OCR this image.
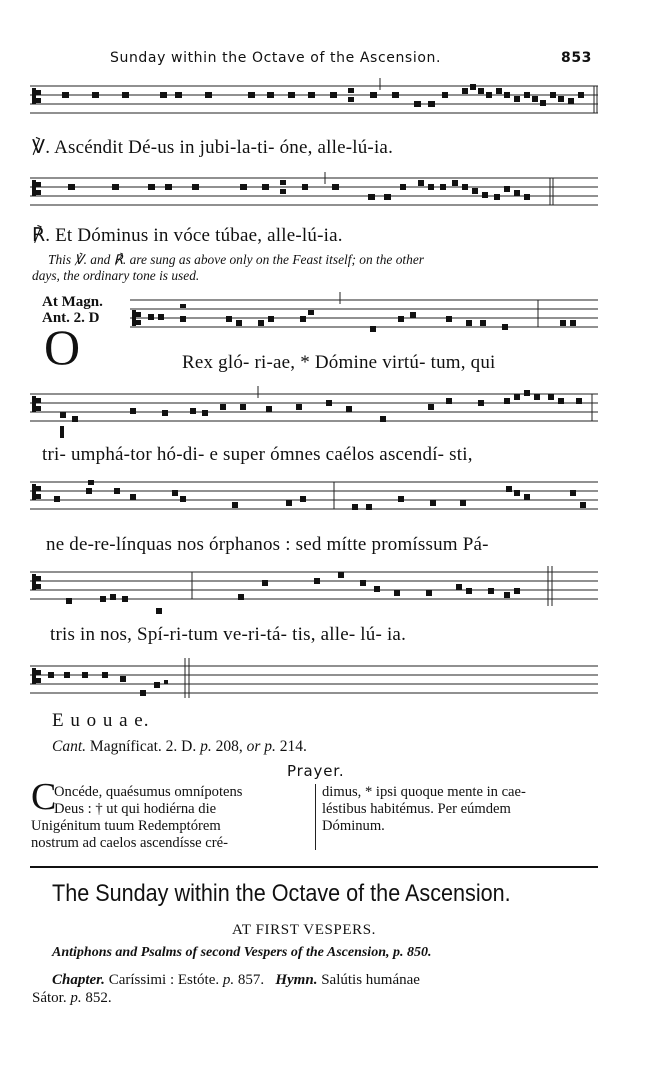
Sunday within the Octave of the Ascension.	853
℣. Ascéndit Dé-us in jubi-la-ti- óne, alle-lú-ia.
℟. Et Dóminus in vóce túbae, alle-lú-ia.
This ℣. and ℟. are sung as above only on the Feast itself; on the other
days, the ordinary tone is used.
At Magn.
Ant. 2. D
O	Rex gló- ri-ae, * Dómine virtú- tum, qui
tri- umphá-tor hó-di- e super ómnes caélos ascendí- sti,
ne de-re-línquas nos órphanos : sed mítte promíssum Pá-
tris in nos, Spí-ri-tum ve-ri-tá- tis, alle- lú- ia.
E u o u a e.
Cant. Magníficat. 2. D. p. 208, or p. 214.
Prayer.
C
Oncéde, quaésumus omnípotens
Deus : † ut qui hodiérna die
Unigénitum tuum Redemptórem
nostrum ad caelos ascendísse cré-
dimus, * ipsi quoque mente in cae-
léstibus habitémus. Per eúmdem
Dóminum.
The Sunday within the Octave of the Ascension.
AT FIRST VESPERS.
Antiphons and Psalms of second Vespers of the Ascension, p. 850.
Chapter. Caríssimi : Estóte. p. 857. Hymn. Salútis humánae
Sátor. p. 852.
